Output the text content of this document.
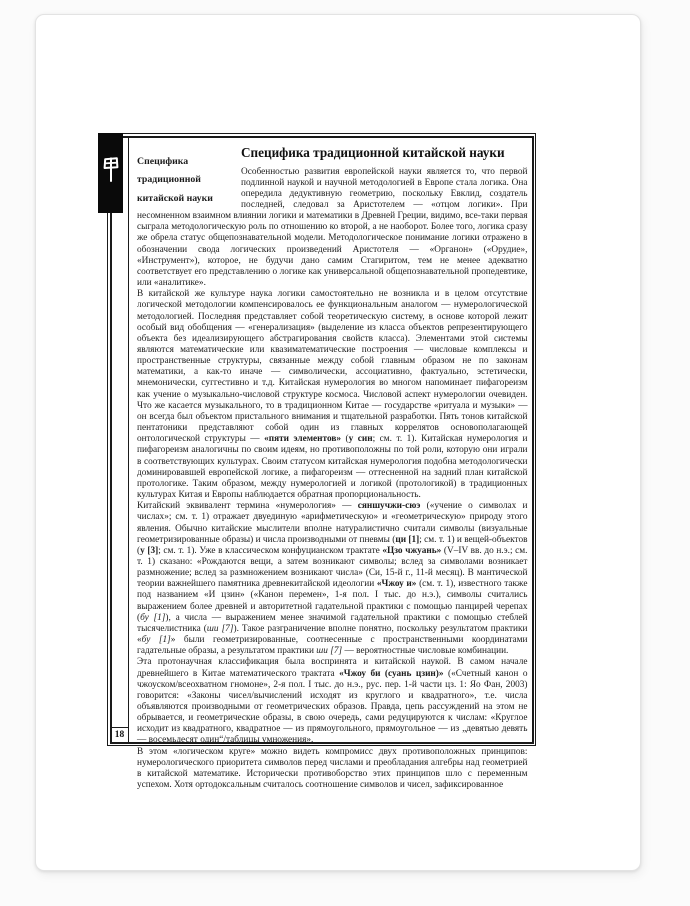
18
Специфика
традиционной
китайской науки
Специфика традиционной китайской науки

Особенностью развития европейской науки является то, что первой подлинной наукой и научной методологией в Европе стала логика. Она опередила дедуктивную геометрию, поскольку Евклид, создатель последней, следовал за Аристотелем — «отцом логики». При несомненном взаимном влиянии логики и математики в Древней Греции, видимо, все-таки первая сыграла методологическую роль по отношению ко второй, а не наоборот. Более того, логика сразу же обрела статус общепознавательной модели. Методологическое понимание логики отражено в обозначении свода логических произведений Аристотеля — «Органон» («Орудие», «Инструмент»), которое, не будучи дано самим Стагиритом, тем не менее адекватно соответствует его представлению о логике как универсальной общепознавательной пропедевтике, или «аналитике».

В китайской же культуре наука логики самостоятельно не возникла и в целом отсутствие логической методологии компенсировалось ее функциональным аналогом — нумерологической методологией. Последняя представляет собой теоретическую систему, в основе которой лежит особый вид обобщения — «генерализация» (выделение из класса объектов репрезентирующего объекта без идеализирующего абстрагирования свойств класса). Элементами этой системы являются математические или квазиматематические построения — числовые комплексы и пространственные структуры, связанные между собой главным образом не по законам математики, а как-то иначе — символически, ассоциативно, фактуально, эстетически, мнемонически, суггестивно и т.д. Китайская нумерология во многом напоминает пифагореизм как учение о музыкально-числовой структуре космоса. Числовой аспект нумерологии очевиден. Что же касается музыкального, то в традиционном Китае — государстве «ритуала и музыки» — он всегда был объектом пристального внимания и тщательной разработки. Пять тонов китайской пентатоники представляют собой один из главных коррелятов основополагающей онтологической структуры — «пяти элементов» (у син; см. т. 1). Китайская нумерология и пифагореизм аналогичны по своим идеям, но противоположны по той роли, которую они играли в соответствующих культурах. Своим статусом китайская нумерология подобна методологически доминировавшей европейской логике, а пифагореизм — оттесненной на задний план китайской протологике. Таким образом, между нумерологией и логикой (протологикой) в традиционных культурах Китая и Европы наблюдается обратная пропорциональность.

Китайский эквивалент термина «нумерология» — сяншучжи-сюэ («учение о символах и числах»; см. т. 1) отражает двуединую «арифметическую» и «геометрическую» природу этого явления. Обычно китайские мыслители вполне натуралистично считали символы (визуальные геометризированные образы) и числа производными от пневмы (ци [1]; см. т. 1) и вещей-объектов (у [3]; см. т. 1). Уже в классическом конфуцианском трактате «Цзо чжуань» (V–IV вв. до н.э.; см. т. 1) сказано: «Рождаются вещи, а затем возникают символы; вслед за символами возникает размножение; вслед за размножением возникают числа» (Си, 15-й г., 11-й месяц). В мантической теории важнейшего памятника древнекитайской идеологии «Чжоу и» (см. т. 1), известного также под названием «И цзин» («Канон перемен», 1-я пол. I тыс. до н.э.), символы считались выражением более древней и авторитетной гадательной практики с помощью панцирей черепах (бу [1]), а числа — выражением менее значимой гадательной практики с помощью стеблей тысячелистника (ши [7]). Такое разграничение вполне понятно, поскольку результатом практики «бу [1]» были геометризированные, соотнесенные с пространственными координатами гадательные образы, а результатом практики ши [7] — вероятностные числовые комбинации.

Эта протонаучная классификация была воспринята и китайской наукой. В самом начале древнейшего в Китае математического трактата «Чжоу би (суань цзин)» («Счетный канон о чжоуском/всеохватном гномоне», 2-я пол. I тыс. до н.э., рус. пер. 1-й части цз. 1: Яо Фан, 2003) говорится: «Законы чисел/вычислений исходят из круглого и квадратного», т.е. числа объявляются производными от геометрических образов. Правда, цепь рассуждений на этом не обрывается, и геометрические образы, в свою очередь, сами редуцируются к числам: «Круглое исходит из квадратного, квадратное — из прямоугольного, прямоугольное — из „девятью девять — восемьдесят один“/таблицы умножения».

В этом «логическом круге» можно видеть компромисс двух противоположных принципов: нумерологического приоритета символов перед числами и преобладания алгебры над геометрией в китайской математике. Исторически противоборство этих принципов шло с переменным успехом. Хотя ортодоксальным считалось соотношение символов и чисел, зафиксированное
